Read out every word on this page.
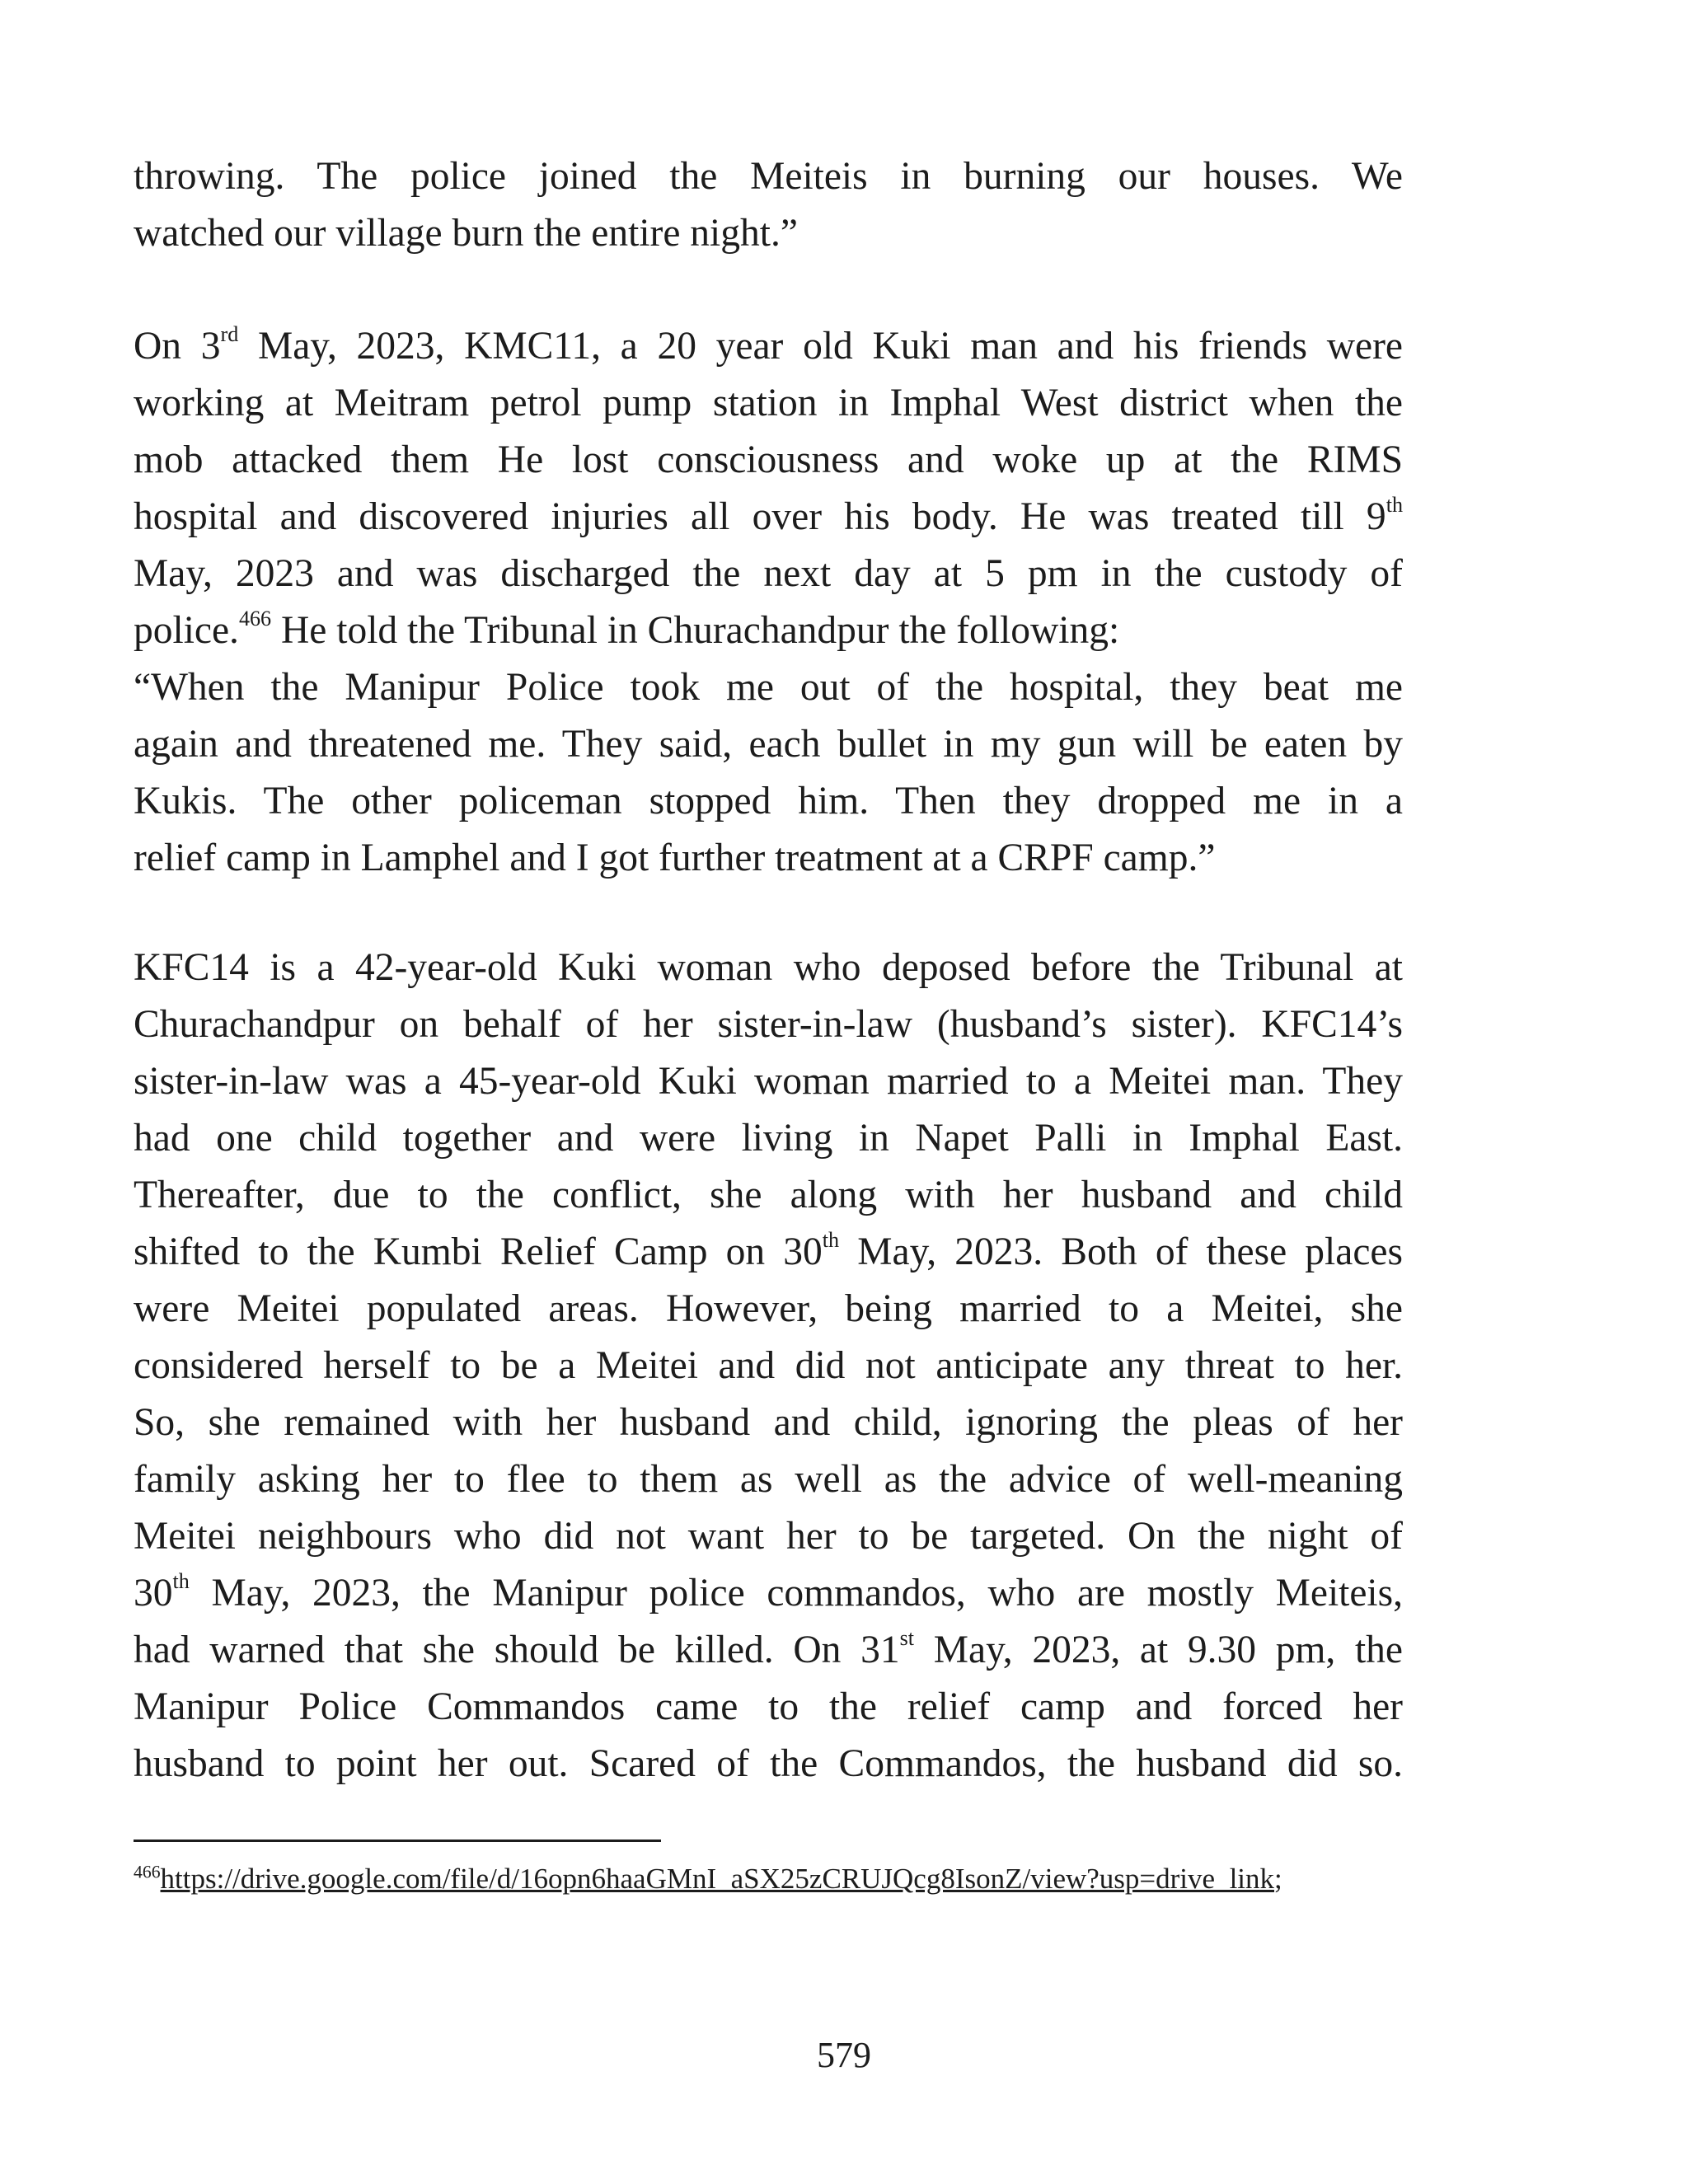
throwing. The police joined the Meiteis in burning our houses. We
watched our village burn the entire night.”

On 3rd May, 2023, KMC11, a 20 year old Kuki man and his friends were
working at Meitram petrol pump station in Imphal West district when the
mob attacked them He lost consciousness and woke up at the RIMS
hospital and discovered injuries all over his body. He was treated till 9th
May, 2023 and was discharged the next day at 5 pm in the custody of
police.$^{466}$ He told the Tribunal in Churachandpur the following:
“When the Manipur Police took me out of the hospital, they beat me
again and threatened me. They said, each bullet in my gun will be eaten by
Kukis. The other policeman stopped him. Then they dropped me in a
relief camp in Lamphel and I got further treatment at a CRPF camp.”

KFC14 is a 42-year-old Kuki woman who deposed before the Tribunal at
Churachandpur on behalf of her sister-in-law (husband’s sister). KFC14’s
sister-in-law was a 45-year-old Kuki woman married to a Meitei man. They
had one child together and were living in Napet Palli in Imphal East.
Thereafter, due to the conflict, she along with her husband and child
shifted to the Kumbi Relief Camp on 30th May, 2023. Both of these places
were Meitei populated areas. However, being married to a Meitei, she
considered herself to be a Meitei and did not anticipate any threat to her.
So, she remained with her husband and child, ignoring the pleas of her
family asking her to flee to them as well as the advice of well-meaning
Meitei neighbours who did not want her to be targeted. On the night of
30th May, 2023, the Manipur police commandos, who are mostly Meiteis,
had warned that she should be killed. On 31st May, 2023, at 9.30 pm, the
Manipur Police Commandos came to the relief camp and forced her
husband to point her out. Scared of the Commandos, the husband did so.

$^{466}$https://drive.google.com/file/d/16opn6haaGMnI_aSX25zCRUJQcg8IsonZ/view?usp=drive_link;

579
